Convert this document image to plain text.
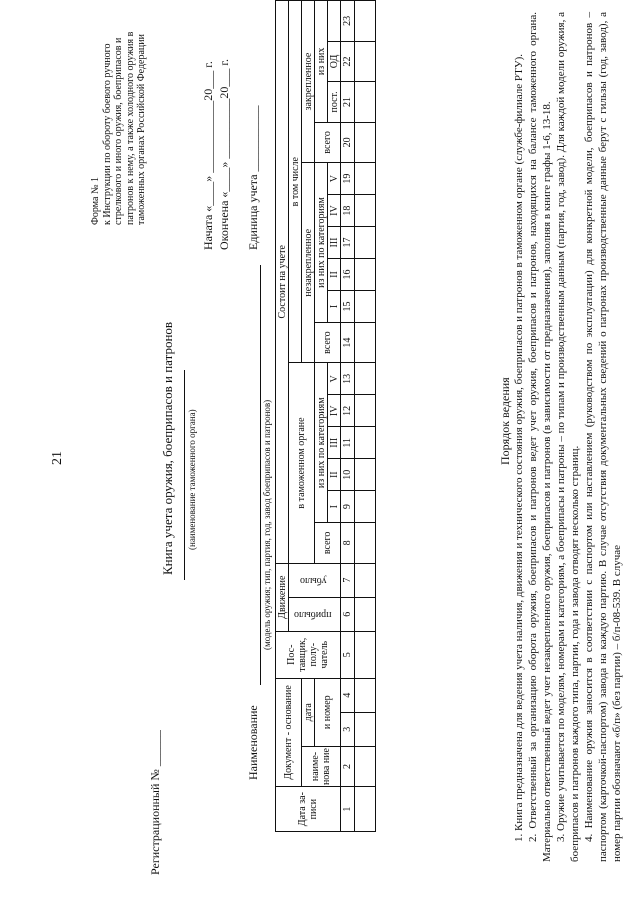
21
Форма № 1 к Инструкции по обороту боевого ручного стрелкового и иного оружия, боеприпасов и патронов к нему, а также холодного оружия в таможенных органах Российской Федерации
Регистрационный № ______
Книга учета оружия, боеприпасов и патронов (наименование таможенного органа)
Начата «____» ____________20___ г. Окончена «____» __________20___ г.
Наименование
(модель оружия; тип, партия, год, завод боеприпасов и патронов)
Единица учета ___________
Дата за-писи	Документ - основание			Пос-тавщик, полу-чатель	Движение		Состоит на учете															
					прибыло	убыло	в таможенном органе						в том числе									
	наиме-нова ние	дата											незакрепленное						закрепленное			
		и номер					всего	из них по категориям					всего	из них по категориям					всего	из них		
								I	II	III	IV	V		I	II	III	IV	V		пост.	ОД	
1	2	3	4	5	6	7	8	9	10	11	12	13	14	15	16	17	18	19	20	21	22	23

Порядок ведения 1. Книга предназначена для ведения учета наличия, движения и технического состояния оружия, боеприпасов и патронов в таможенном органе (службе-филиале РТУ). 2. Ответственный за организацию оборота оружия, боеприпасов и патронов ведет учет оружия, боеприпасов и патронов, находящихся на балансе таможенного органа. Материально ответственный ведет учет незакрепленного оружия, боеприпасов и патронов (в зависимости от предназначения), заполняя в книге графы 1-6, 13-18. 3. Оружие учитывается по моделям, номерам и категориям, а боеприпасы и патроны – по типам и производственным данным (партия, год, завод). Для каждой модели оружия, а боеприпасов и патронов каждого типа, партии, года и завода отводят несколько страниц. 4. Наименование оружия заносится в соответствии с паспортом или наставлением (руководством по эксплуатации) для конкретной модели, боеприпасов и патронов – паспортом (карточкой-паспортом) завода на каждую партию. В случае отсутствия документальных сведений о патронах производственные данные берут с гильзы (год, завод), а номер партии обозначают «б/п» (без партии) – б/п-08-539. В случае
